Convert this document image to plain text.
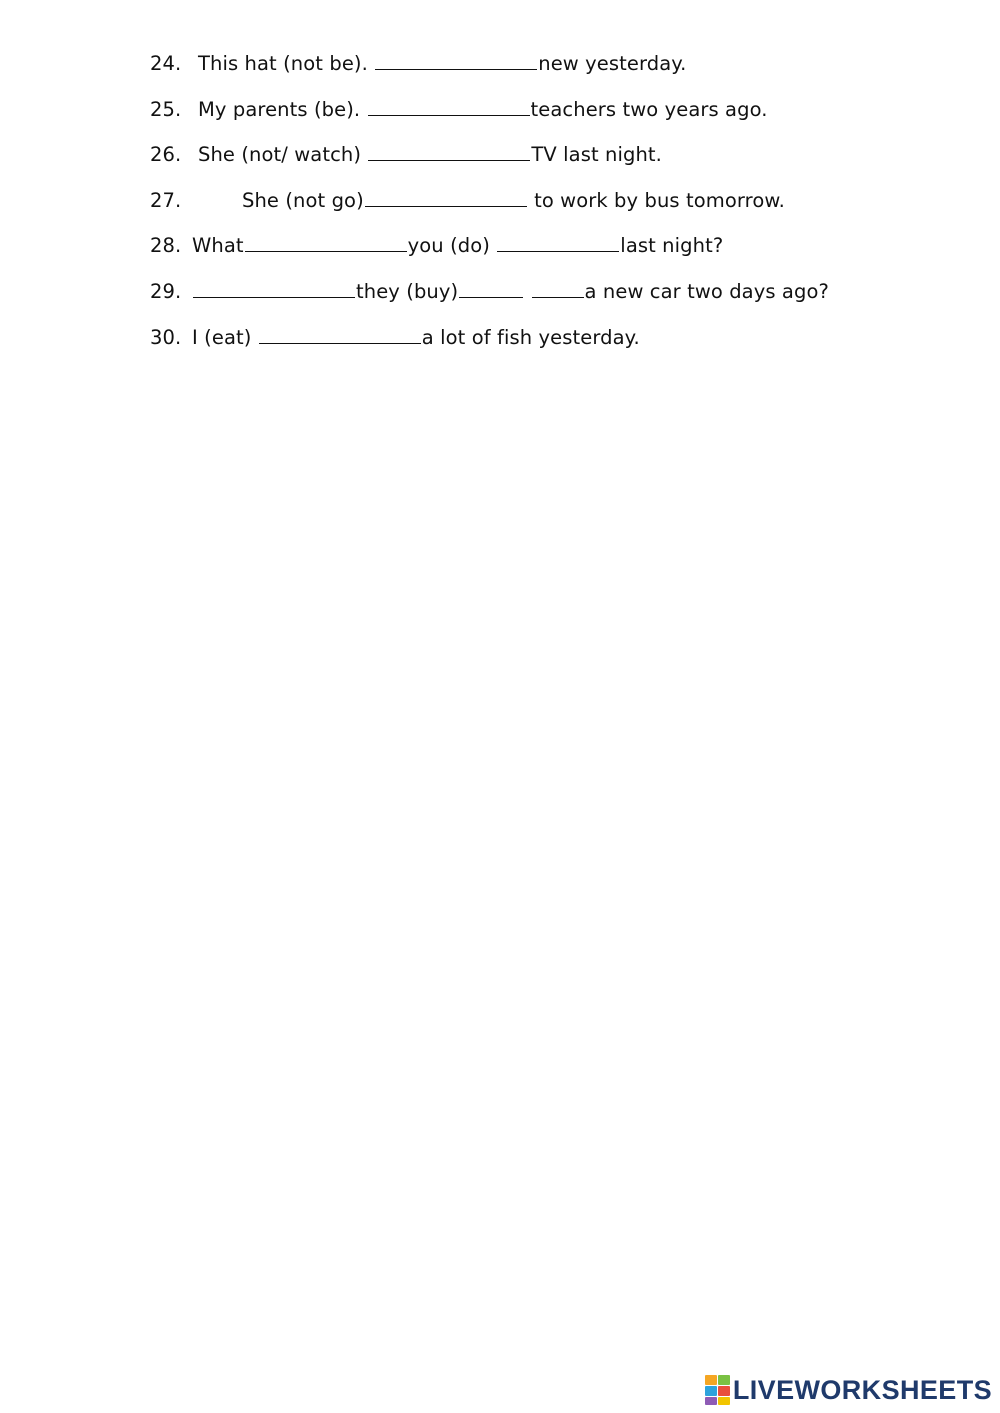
24. This hat (not be).	new yesterday.
25. My parents (be).	teachers two years ago.
26. She (not/ watch)	TV last night.
27.	She (not go)	to work by bus tomorrow.
28. What	you (do)	last night?
29.	they (buy)	a new car two days ago?
30. I (eat)	a lot of fish yesterday.
LIVEWORKSHEETS
